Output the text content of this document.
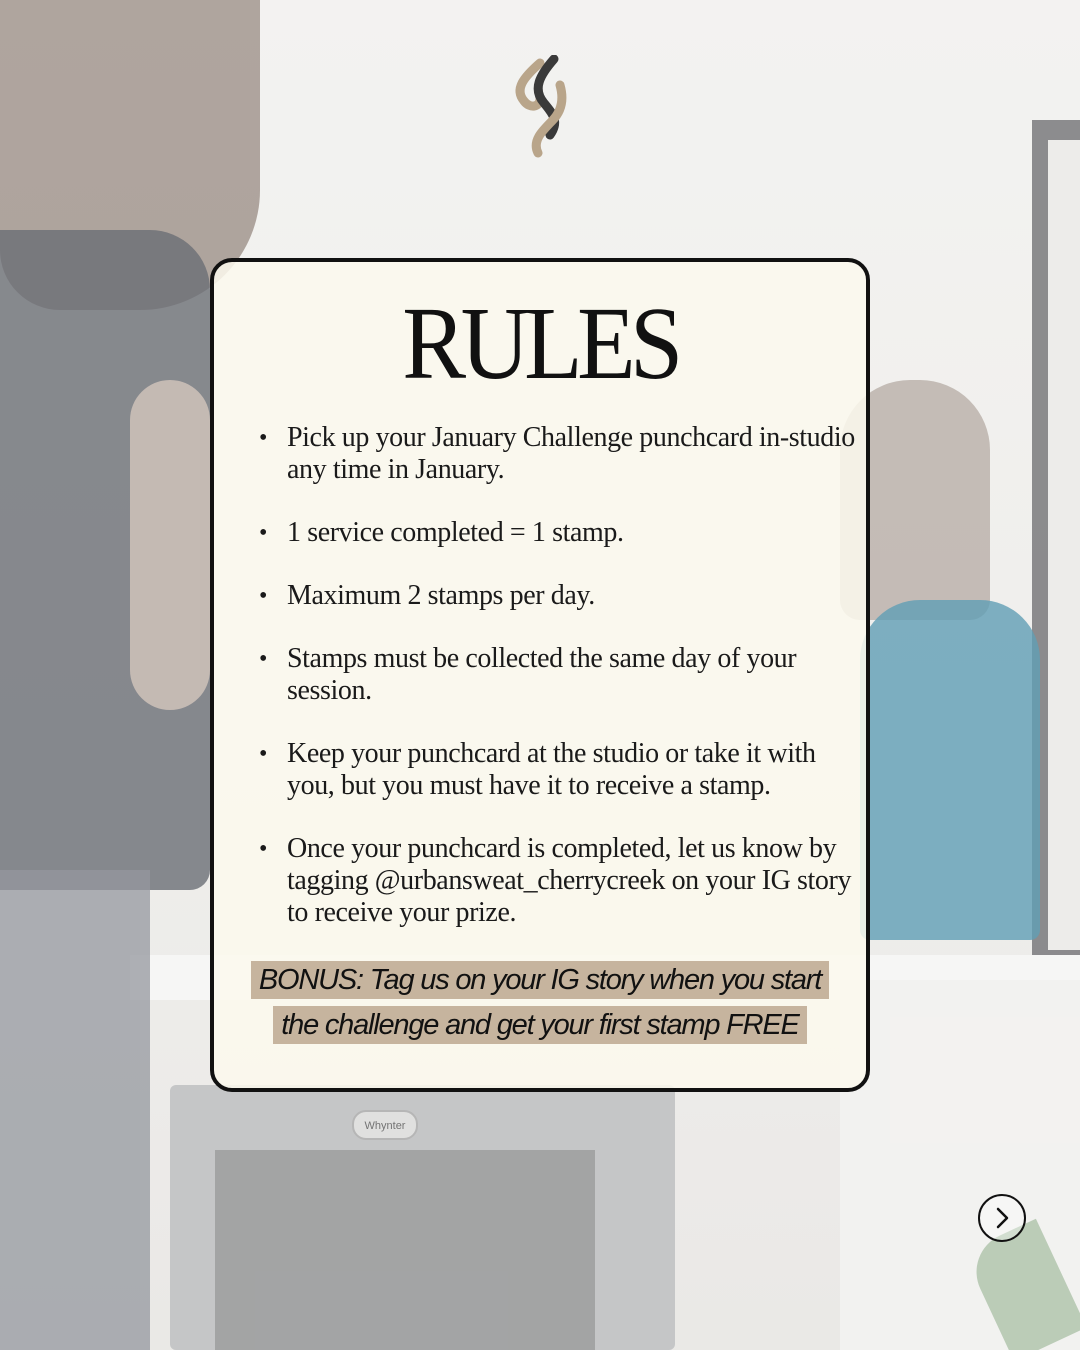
Whynter
RULES
• Pick up your January Challenge punchcard in-studio any time in January.
• 1 service completed = 1 stamp.
• Maximum 2 stamps per day.
• Stamps must be collected the same day of your session.
• Keep your punchcard at the studio or take it with you, but you must have it to receive a stamp.
• Once your punchcard is completed, let us know by tagging @urbansweat_cherrycreek on your IG story to receive your prize.
BONUS: Tag us on your IG story when you start the challenge and get your first stamp FREE
